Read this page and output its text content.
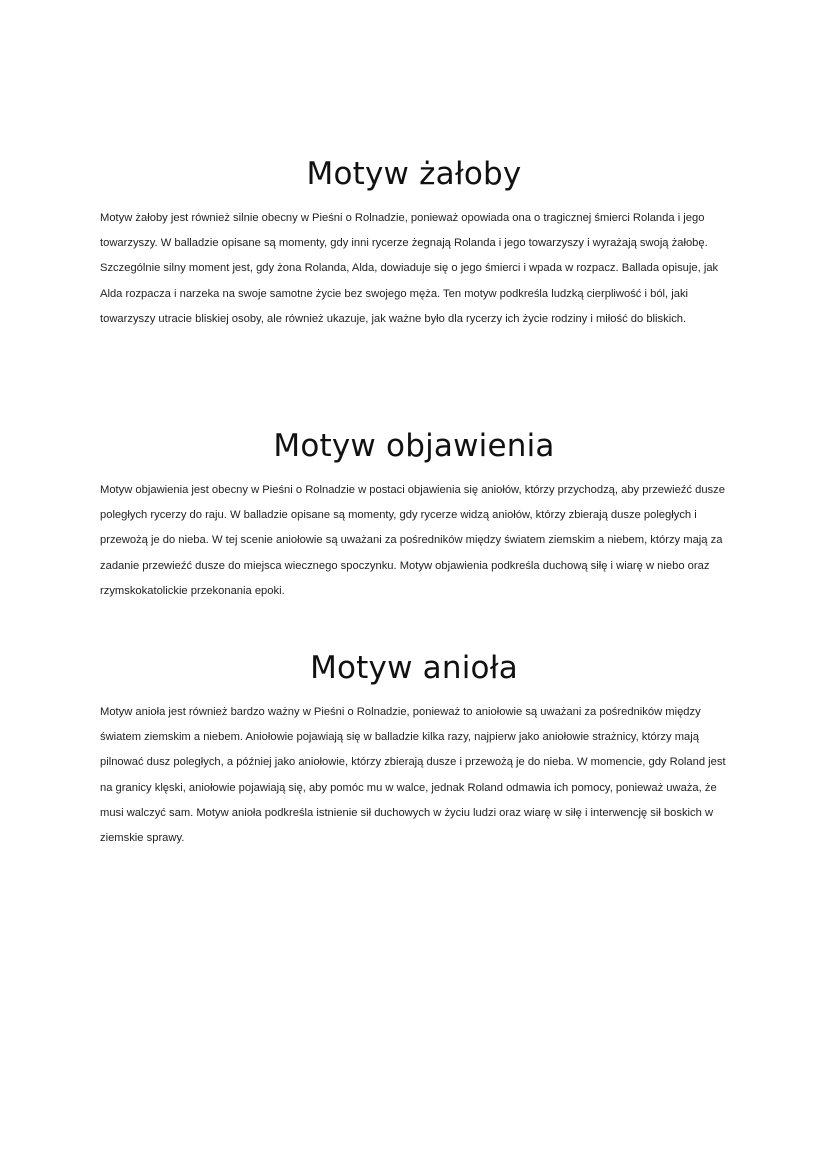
Motyw żałoby

Motyw żałoby jest również silnie obecny w Pieśni o Rolnadzie, ponieważ opowiada ona o tragicznej śmierci Rolanda i jego towarzyszy. W balladzie opisane są momenty, gdy inni rycerze żegnają Rolanda i jego towarzyszy i wyrażają swoją żałobę. Szczególnie silny moment jest, gdy żona Rolanda, Alda, dowiaduje się o jego śmierci i wpada w rozpacz. Ballada opisuje, jak Alda rozpacza i narzeka na swoje samotne życie bez swojego męża. Ten motyw podkreśla ludzką cierpliwość i ból, jaki towarzyszy utracie bliskiej osoby, ale również ukazuje, jak ważne było dla rycerzy ich życie rodziny i miłość do bliskich.

Motyw objawienia

Motyw objawienia jest obecny w Pieśni o Rolnadzie w postaci objawienia się aniołów, którzy przychodzą, aby przewieźć dusze poległych rycerzy do raju. W balladzie opisane są momenty, gdy rycerze widzą aniołów, którzy zbierają dusze poległych i przewożą je do nieba. W tej scenie aniołowie są uważani za pośredników między światem ziemskim a niebem, którzy mają za zadanie przewieźć dusze do miejsca wiecznego spoczynku. Motyw objawienia podkreśla duchową siłę i wiarę w niebo oraz rzymskokatolickie przekonania epoki.

Motyw anioła

Motyw anioła jest również bardzo ważny w Pieśni o Rolnadzie, ponieważ to aniołowie są uważani za pośredników między światem ziemskim a niebem. Aniołowie pojawiają się w balladzie kilka razy, najpierw jako aniołowie strażnicy, którzy mają pilnować dusz poległych, a później jako aniołowie, którzy zbierają dusze i przewożą je do nieba. W momencie, gdy Roland jest na granicy klęski, aniołowie pojawiają się, aby pomóc mu w walce, jednak Roland odmawia ich pomocy, ponieważ uważa, że musi walczyć sam. Motyw anioła podkreśla istnienie sił duchowych w życiu ludzi oraz wiarę w siłę i interwencję sił boskich w ziemskie sprawy.
